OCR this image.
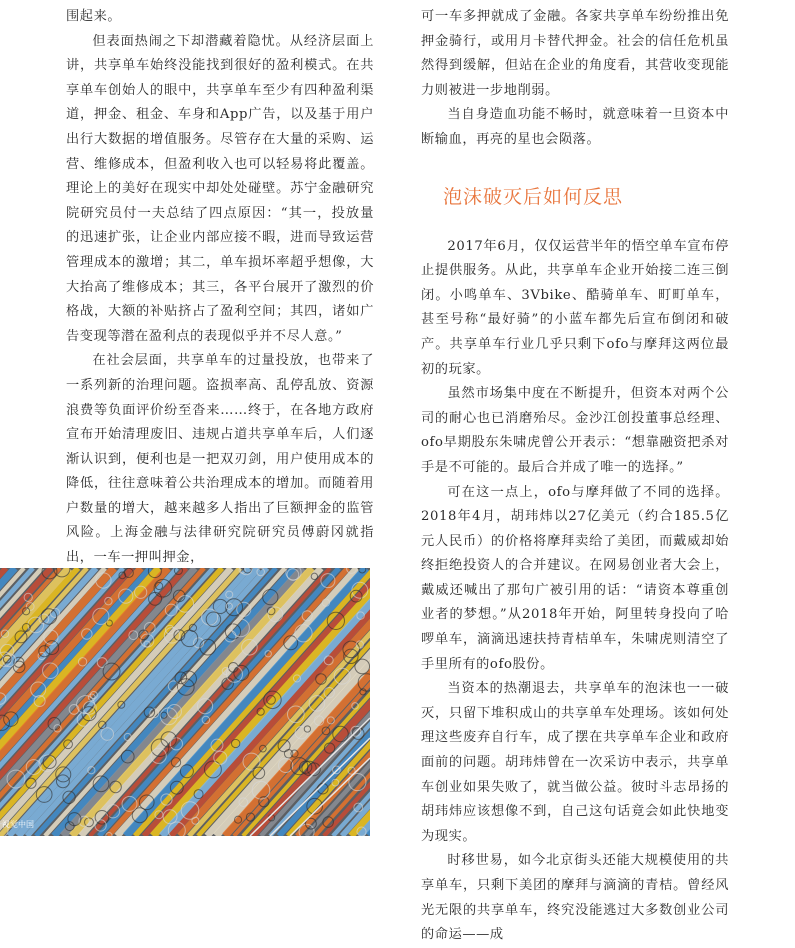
围起来。

但表面热闹之下却潜藏着隐忧。从经济层面上讲，共享单车始终没能找到很好的盈利模式。在共享单车创始人的眼中，共享单车至少有四种盈利渠道，押金、租金、车身和App广告，以及基于用户出行大数据的增值服务。尽管存在大量的采购、运营、维修成本，但盈利收入也可以轻易将此覆盖。理论上的美好在现实中却处处碰壁。苏宁金融研究院研究员付一夫总结了四点原因：“其一，投放量的迅速扩张，让企业内部应接不暇，进而导致运营管理成本的激增；其二，单车损坏率超乎想像，大大抬高了维修成本；其三，各平台展开了激烈的价格战，大额的补贴挤占了盈利空间；其四，诸如广告变现等潜在盈利点的表现似乎并不尽人意。”

在社会层面，共享单车的过量投放，也带来了一系列新的治理问题。盗损率高、乱停乱放、资源浪费等负面评价纷至沓来……终于，在各地方政府宣布开始清理废旧、违规占道共享单车后，人们逐渐认识到，便利也是一把双刃剑，用户使用成本的降低，往往意味着公共治理成本的增加。而随着用户数量的增大，越来越多人指出了巨额押金的监管风险。上海金融与法律研究院研究员傅蔚冈就指出，一车一押叫押金，

视觉中国

可一车多押就成了金融。各家共享单车纷纷推出免押金骑行，或用月卡替代押金。社会的信任危机虽然得到缓解，但站在企业的角度看，其营收变现能力则被进一步地削弱。

当自身造血功能不畅时，就意味着一旦资本中断输血，再亮的星也会陨落。

泡沫破灭后如何反思

2017年6月，仅仅运营半年的悟空单车宣布停止提供服务。从此，共享单车企业开始接二连三倒闭。小鸣单车、3Vbike、酷骑单车、町町单车，甚至号称“最好骑”的小蓝车都先后宣布倒闭和破产。共享单车行业几乎只剩下ofo与摩拜这两位最初的玩家。

虽然市场集中度在不断提升，但资本对两个公司的耐心也已消磨殆尽。金沙江创投董事总经理、ofo早期股东朱啸虎曾公开表示：“想靠融资把杀对手是不可能的。最后合并成了唯一的选择。”

可在这一点上，ofo与摩拜做了不同的选择。2018年4月，胡玮炜以27亿美元（约合185.5亿元人民币）的价格将摩拜卖给了美团，而戴威却始终拒绝投资人的合并建议。在网易创业者大会上，戴威还喊出了那句广被引用的话：“请资本尊重创业者的梦想。”从2018年开始，阿里转身投向了哈啰单车，滴滴迅速扶持青桔单车，朱啸虎则清空了手里所有的ofo股份。

当资本的热潮退去，共享单车的泡沫也一一破灭，只留下堆积成山的共享单车处理场。该如何处理这些废弃自行车，成了摆在共享单车企业和政府面前的问题。胡玮炜曾在一次采访中表示，共享单车创业如果失败了，就当做公益。彼时斗志昂扬的胡玮炜应该想像不到，自己这句话竟会如此快地变为现实。

时移世易，如今北京街头还能大规模使用的共享单车，只剩下美团的摩拜与滴滴的青桔。曾经风光无限的共享单车，终究没能逃过大多数创业公司的命运——成
